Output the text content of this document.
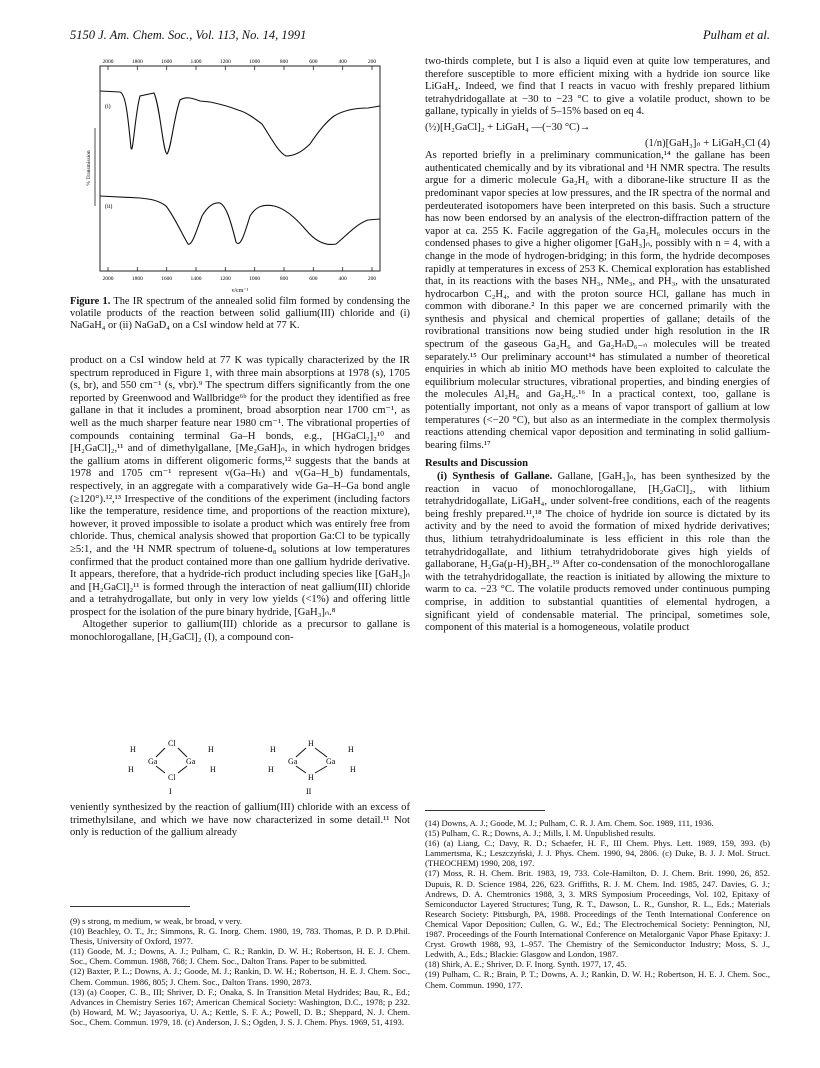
5150 J. Am. Chem. Soc., Vol. 113, No. 14, 1991	Pulham et al.
2000	1800	1600	1400	1200	1000	800	600	400	200
2000	1800	1600	1400	1200	1000	800	600	400	200
(i)
(ii)
% Transmission
ν/cm⁻¹
Figure 1. The IR spectrum of the annealed solid film formed by condensing the volatile products of the reaction between solid gallium(III) chloride and (i) NaGaH₄ or (ii) NaGaD₄ on a CsI window held at 77 K.

product on a CsI window held at 77 K was typically characterized by the IR spectrum reproduced in Figure 1, with three main absorptions at 1978 (s), 1705 (s, br), and 550 cm⁻¹ (s, vbr).⁹ The spectrum differs significantly from the one reported by Greenwood and Wallbridge⁶ᵇ for the product they identified as free gallane in that it includes a prominent, broad absorption near 1700 cm⁻¹, as well as the much sharper feature near 1980 cm⁻¹. The vibrational properties of compounds containing terminal Ga–H bonds, e.g., [HGaCl₂]₂¹⁰ and [H₂GaCl]₂,¹¹ and of dimethylgallane, [Me₂GaH]ₙ, in which hydrogen bridges the gallium atoms in different oligomeric forms,¹² suggests that the bands at 1978 and 1705 cm⁻¹ represent ν(Ga–Hₜ) and ν(Ga–H_b) fundamentals, respectively, in an aggregate with a comparatively wide Ga–H–Ga bond angle (≥120°).¹²,¹³ Irrespective of the conditions of the experiment (including factors like the temperature, residence time, and proportions of the reaction mixture), however, it proved impossible to isolate a product which was entirely free from chloride. Thus, chemical analysis showed that proportion Ga:Cl to be typically ≥5:1, and the ¹H NMR spectrum of toluene-d₈ solutions at low temperatures confirmed that the product contained more than one gallium hydride derivative. It appears, therefore, that a hydride-rich product including species like [GaH₃]ₙ and [H₂GaCl]₂¹¹ is formed through the interaction of neat gallium(III) chloride and a tetrahydrogallate, but only in very low yields (<1%) and offering little prospect for the isolation of the pure binary hydride, [GaH₃]ₙ.⁸

Altogether superior to gallium(III) chloride as a precursor to gallane is monochlorogallane, [H₂GaCl]₂ (I), a compound con-

Cl
Ga	Ga
Cl
H
H
H
H
I
H
Ga	Ga
H
H
H
H
H
II

veniently synthesized by the reaction of gallium(III) chloride with an excess of trimethylsilane, and which we have now characterized in some detail.¹¹ Not only is reduction of the gallium already

(9) s strong, m medium, w weak, br broad, v very.

(10) Beachley, O. T., Jr.; Simmons, R. G. Inorg. Chem. 1980, 19, 783. Thomas, P. D. P. D.Phil. Thesis, University of Oxford, 1977.

(11) Goode, M. J.; Downs, A. J.; Pulham, C. R.; Rankin, D. W. H.; Robertson, H. E. J. Chem. Soc., Chem. Commun. 1988, 768; J. Chem. Soc., Dalton Trans. Paper to be submitted.

(12) Baxter, P. L.; Downs, A. J.; Goode, M. J.; Rankin, D. W. H.; Robertson, H. E. J. Chem. Soc., Chem. Commun. 1986, 805; J. Chem. Soc., Dalton Trans. 1990, 2873.

(13) (a) Cooper, C. B., III; Shriver, D. F.; Onaka, S. In Transition Metal Hydrides; Bau, R., Ed.; Advances in Chemistry Series 167; American Chemical Society: Washington, D.C., 1978; p 232. (b) Howard, M. W.; Jayasooriya, U. A.; Kettle, S. F. A.; Powell, D. B.; Sheppard, N. J. Chem. Soc., Chem. Commun. 1979, 18. (c) Anderson, J. S.; Ogden, J. S. J. Chem. Phys. 1969, 51, 4193.

two-thirds complete, but I is also a liquid even at quite low temperatures, and therefore susceptible to more efficient mixing with a hydride ion source like LiGaH₄. Indeed, we find that I reacts in vacuo with freshly prepared lithium tetrahydridogallate at −30 to −23 °C to give a volatile product, shown to be gallane, typically in yields of 5–15% based on eq 4.

(½)[H₂GaCl]₂ + LiGaH₄ —(−30 °C)→

(1/n)[GaH₃]ₙ + LiGaH₃Cl (4)

As reported briefly in a preliminary communication,¹⁴ the gallane has been authenticated chemically and by its vibrational and ¹H NMR spectra. The results argue for a dimeric molecule Ga₂H₆ with a diborane-like structure II as the predominant vapor species at low pressures, and the IR spectra of the normal and perdeuterated isotopomers have been interpreted on this basis. Such a structure has now been endorsed by an analysis of the electron-diffraction pattern of the vapor at ca. 255 K. Facile aggregation of the Ga₂H₆ molecules occurs in the condensed phases to give a higher oligomer [GaH₃]ₙ, possibly with n = 4, with a change in the mode of hydrogen-bridging; in this form, the hydride decomposes rapidly at temperatures in excess of 253 K. Chemical exploration has established that, in its reactions with the bases NH₃, NMe₃, and PH₃, with the unsaturated hydrocarbon C₂H₄, and with the proton source HCl, gallane has much in common with diborane.² In this paper we are concerned primarily with the synthesis and physical and chemical properties of gallane; details of the rovibrational transitions now being studied under high resolution in the IR spectrum of the gaseous Ga₂H₆ and Ga₂HₙD₆₋ₙ molecules will be treated separately.¹⁵ Our preliminary account¹⁴ has stimulated a number of theoretical enquiries in which ab initio MO methods have been exploited to calculate the equilibrium molecular structures, vibrational properties, and binding energies of the molecules Al₂H₆ and Ga₂H₆.¹⁶ In a practical context, too, gallane is potentially important, not only as a means of vapor transport of gallium at low temperatures (<−20 °C), but also as an intermediate in the complex thermolysis reactions attending chemical vapor deposition and terminating in solid gallium-bearing films.¹⁷

Results and Discussion

(i) Synthesis of Gallane. Gallane, [GaH₃]ₙ, has been synthesized by the reaction in vacuo of monochlorogallane, [H₂GaCl]₂, with lithium tetrahydridogallate, LiGaH₄, under solvent-free conditions, each of the reagents being freshly prepared.¹¹,¹⁸ The choice of hydride ion source is dictated by its activity and by the need to avoid the formation of mixed hydride derivatives; thus, lithium tetrahydridoaluminate is less efficient in this role than the tetrahydridogallate, and lithium tetrahydridoborate gives high yields of gallaborane, H₂Ga(μ-H)₂BH₂.¹⁹ After co-condensation of the monochlorogallane with the tetrahydridogallate, the reaction is initiated by allowing the mixture to warm to ca. −23 °C. The volatile products removed under continuous pumping comprise, in addition to substantial quantities of elemental hydrogen, a significant yield of condensable material. The principal, sometimes sole, component of this material is a homogeneous, volatile product

(14) Downs, A. J.; Goode, M. J.; Pulham, C. R. J. Am. Chem. Soc. 1989, 111, 1936.

(15) Pulham, C. R.; Downs, A. J.; Mills, I. M. Unpublished results.

(16) (a) Liang, C.; Davy, R. D.; Schaefer, H. F., III Chem. Phys. Lett. 1989, 159, 393. (b) Lammertsma, K.; Leszczyński, J. J. Phys. Chem. 1990, 94, 2806. (c) Duke, B. J. J. Mol. Struct. (THEOCHEM) 1990, 208, 197.

(17) Moss, R. H. Chem. Brit. 1983, 19, 733. Cole-Hamilton, D. J. Chem. Brit. 1990, 26, 852. Dupuis, R. D. Science 1984, 226, 623. Griffiths, R. J. M. Chem. Ind. 1985, 247. Davies, G. J.; Andrews, D. A. Chemtronics 1988, 3, 3. MRS Symposium Proceedings, Vol. 102, Epitaxy of Semiconductor Layered Structures; Tung, R. T., Dawson, L. R., Gunshor, R. L., Eds.; Materials Research Society: Pittsburgh, PA, 1988. Proceedings of the Tenth International Conference on Chemical Vapor Deposition; Cullen, G. W., Ed.; The Electrochemical Society: Pennington, NJ, 1987. Proceedings of the Fourth International Conference on Metalorganic Vapor Phase Epitaxy: J. Cryst. Growth 1988, 93, 1–957. The Chemistry of the Semiconductor Industry; Moss, S. J., Ledwith, A., Eds.; Blackie: Glasgow and London, 1987.

(18) Shirk, A. E.; Shriver, D. F. Inorg. Synth. 1977, 17, 45.

(19) Pulham, C. R.; Brain, P. T.; Downs, A. J.; Rankin, D. W. H.; Robertson, H. E. J. Chem. Soc., Chem. Commun. 1990, 177.
